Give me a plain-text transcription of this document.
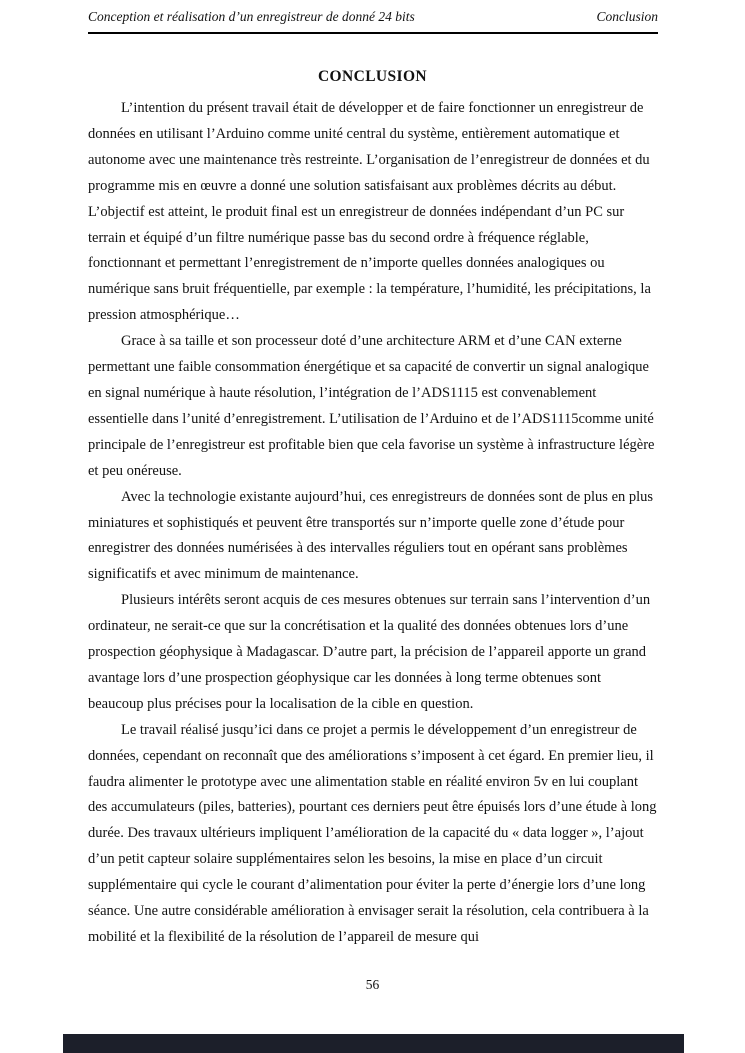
Conception et réalisation d’un enregistreur de donné 24 bits	Conclusion
CONCLUSION

L’intention du présent travail était de développer et de faire fonctionner un enregistreur de données en utilisant l’Arduino comme unité central du système, entièrement automatique et autonome avec une maintenance très restreinte. L’organisation de l’enregistreur de données et du programme mis en œuvre a donné une solution satisfaisant aux problèmes décrits au début. L’objectif est atteint, le produit final est un enregistreur de données indépendant d’un PC sur terrain et équipé d’un filtre numérique passe bas du second ordre à fréquence réglable, fonctionnant et permettant l’enregistrement de n’importe quelles données analogiques ou numérique sans bruit fréquentielle, par exemple : la température, l’humidité, les précipitations, la pression atmosphérique…

Grace à sa taille et son processeur doté d’une architecture ARM et d’une CAN externe permettant une faible consommation énergétique et sa capacité de convertir un signal analogique en signal numérique à haute résolution, l’intégration de l’ADS1115 est convenablement essentielle dans l’unité d’enregistrement. L’utilisation de l’Arduino et de l’ADS1115comme unité principale de l’enregistreur est profitable bien que cela favorise un système à infrastructure légère et peu onéreuse.

Avec la technologie existante aujourd’hui, ces enregistreurs de données sont de plus en plus miniatures et sophistiqués et peuvent être transportés sur n’importe quelle zone d’étude pour enregistrer des données numérisées à des intervalles réguliers tout en opérant sans problèmes significatifs et avec minimum de maintenance.

Plusieurs intérêts seront acquis de ces mesures obtenues sur terrain sans l’intervention d’un ordinateur, ne serait-ce que sur la concrétisation et la qualité des données obtenues lors d’une prospection géophysique à Madagascar. D’autre part, la précision de l’appareil apporte un grand avantage lors d’une prospection géophysique car les données à long terme obtenues sont beaucoup plus précises pour la localisation de la cible en question.

Le travail réalisé jusqu’ici dans ce projet a permis le développement d’un enregistreur de données, cependant on reconnaît que des améliorations s’imposent à cet égard. En premier lieu, il faudra alimenter le prototype avec une alimentation stable en réalité environ 5v en lui couplant des accumulateurs (piles, batteries), pourtant ces derniers peut être épuisés lors d’une étude à long durée. Des travaux ultérieurs impliquent l’amélioration de la capacité du « data logger », l’ajout d’un petit capteur solaire supplémentaires selon les besoins, la mise en place d’un circuit supplémentaire qui cycle le courant d’alimentation pour éviter la perte d’énergie lors d’une long séance. Une autre considérable amélioration à envisager serait la résolution, cela contribuera à la mobilité et la flexibilité de la résolution de l’appareil de mesure qui

56
